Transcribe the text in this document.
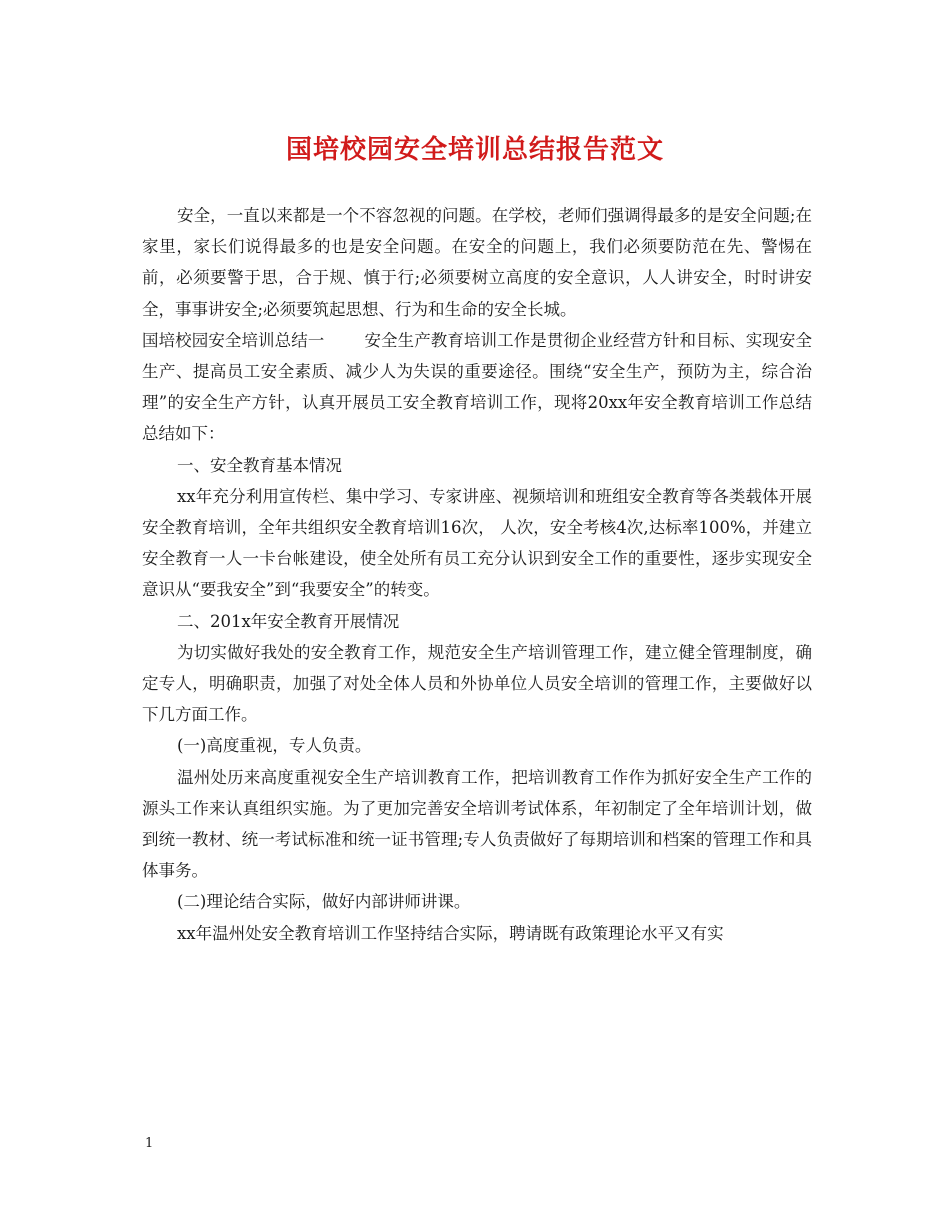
国培校园安全培训总结报告范文

安全，一直以来都是一个不容忽视的问题。在学校，老师们强调得最多的是安全问题;在家里，家长们说得最多的也是安全问题。在安全的问题上，我们必须要防范在先、警惕在前，必须要警于思，合于规、慎于行;必须要树立高度的安全意识，人人讲安全，时时讲安全，事事讲安全;必须要筑起思想、行为和生命的安全长城。

国培校园安全培训总结一 安全生产教育培训工作是贯彻企业经营方针和目标、实现安全生产、提高员工安全素质、减少人为失误的重要途径。围绕“安全生产，预防为主，综合治理”的安全生产方针，认真开展员工安全教育培训工作，现将20xx年安全教育培训工作总结总结如下：

一、安全教育基本情况

xx年充分利用宣传栏、集中学习、专家讲座、视频培训和班组安全教育等各类载体开展安全教育培训，全年共组织安全教育培训16次， 人次，安全考核4次,达标率100%，并建立安全教育一人一卡台帐建设，使全处所有员工充分认识到安全工作的重要性，逐步实现安全意识从“要我安全”到“我要安全”的转变。

二、201x年安全教育开展情况

为切实做好我处的安全教育工作，规范安全生产培训管理工作，建立健全管理制度，确定专人，明确职责，加强了对处全体人员和外协单位人员安全培训的管理工作，主要做好以下几方面工作。

(一)高度重视，专人负责。

温州处历来高度重视安全生产培训教育工作，把培训教育工作作为抓好安全生产工作的源头工作来认真组织实施。为了更加完善安全培训考试体系，年初制定了全年培训计划，做到统一教材、统一考试标准和统一证书管理;专人负责做好了每期培训和档案的管理工作和具体事务。

(二)理论结合实际，做好内部讲师讲课。

xx年温州处安全教育培训工作坚持结合实际，聘请既有政策理论水平又有实

1
